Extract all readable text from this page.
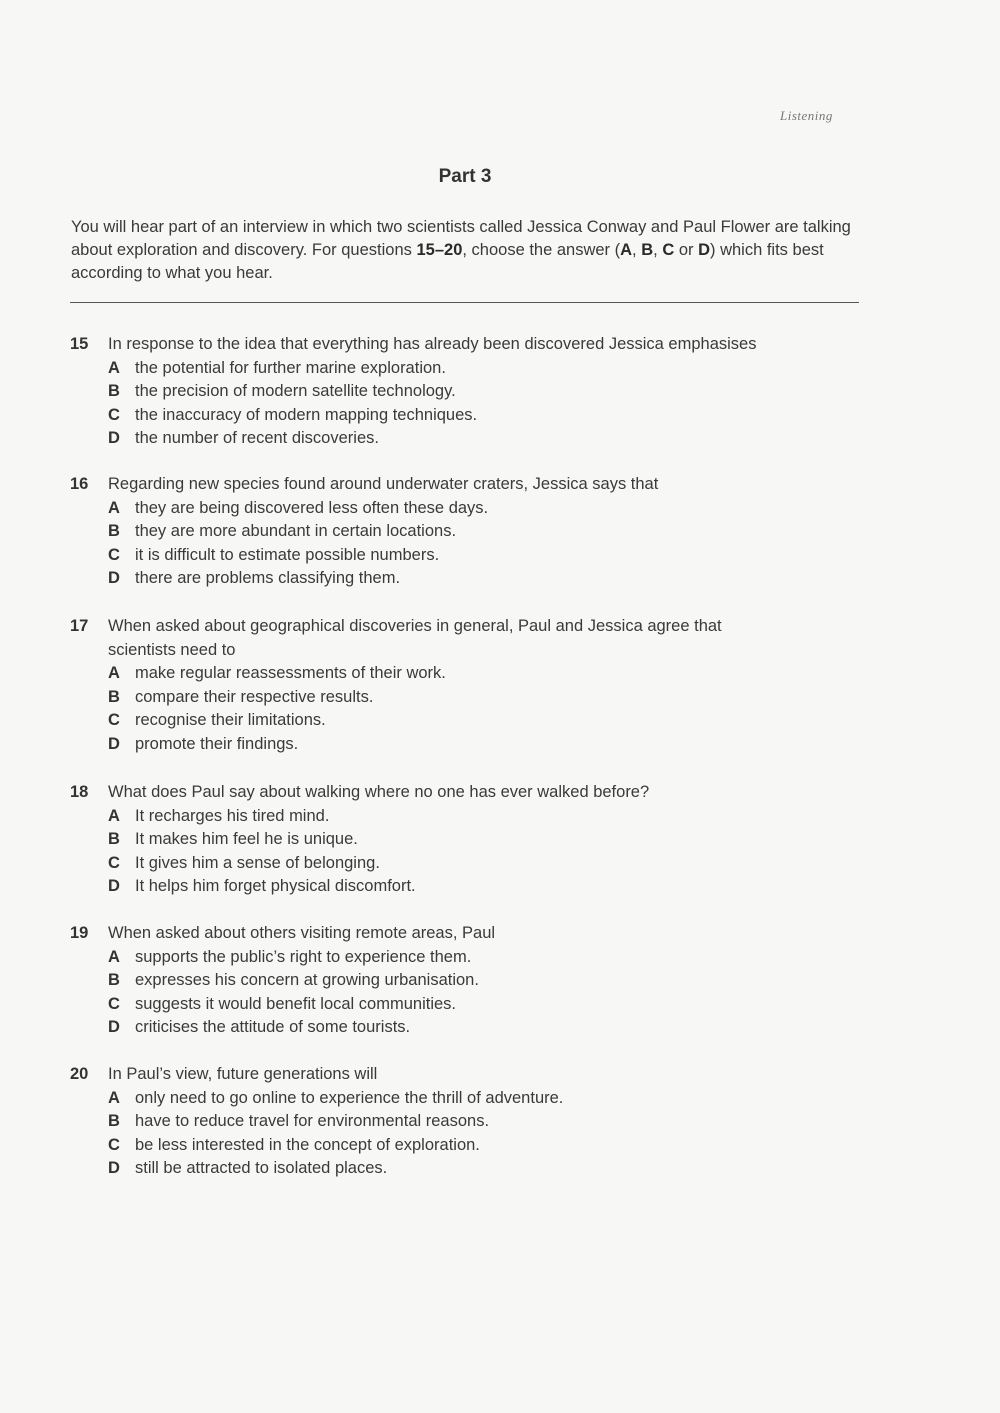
Listening
Part 3
You will hear part of an interview in which two scientists called Jessica Conway and Paul Flower are talking about exploration and discovery. For questions 15–20, choose the answer (A, B, C or D) which fits best according to what you hear.
15	In response to the idea that everything has already been discovered Jessica emphasises
A the potential for further marine exploration.
B the precision of modern satellite technology.
C the inaccuracy of modern mapping techniques.
D the number of recent discoveries.
16	Regarding new species found around underwater craters, Jessica says that
A they are being discovered less often these days.
B they are more abundant in certain locations.
C it is difficult to estimate possible numbers.
D there are problems classifying them.
17	When asked about geographical discoveries in general, Paul and Jessica agree that scientists need to
A make regular reassessments of their work.
B compare their respective results.
C recognise their limitations.
D promote their findings.
18	What does Paul say about walking where no one has ever walked before?
A It recharges his tired mind.
B It makes him feel he is unique.
C It gives him a sense of belonging.
D It helps him forget physical discomfort.
19	When asked about others visiting remote areas, Paul
A supports the public’s right to experience them.
B expresses his concern at growing urbanisation.
C suggests it would benefit local communities.
D criticises the attitude of some tourists.
20	In Paul’s view, future generations will
A only need to go online to experience the thrill of adventure.
B have to reduce travel for environmental reasons.
C be less interested in the concept of exploration.
D still be attracted to isolated places.
